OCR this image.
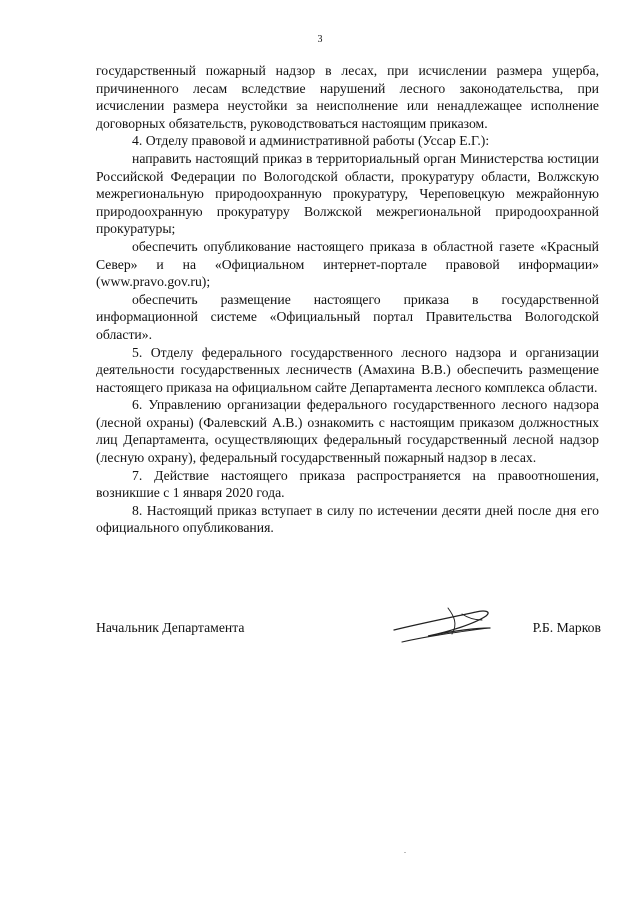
3

государственный пожарный надзор в лесах, при исчислении размера ущерба, причиненного лесам вследствие нарушений лесного законодательства, при исчислении размера неустойки за неисполнение или ненадлежащее исполнение договорных обязательств, руководствоваться настоящим приказом.

4. Отделу правовой и административной работы (Уссар Е.Г.):

направить настоящий приказ в территориальный орган Министерства юстиции Российской Федерации по Вологодской области, прокуратуру области, Волжскую межрегиональную природоохранную прокуратуру, Череповецкую межрайонную природоохранную прокуратуру Волжской межрегиональной природоохранной прокуратуры;

обеспечить опубликование настоящего приказа в областной газете «Красный Север» и на «Официальном интернет-портале правовой информации» (www.pravo.gov.ru);

обеспечить размещение настоящего приказа в государственной информационной системе «Официальный портал Правительства Вологодской области».

5. Отделу федерального государственного лесного надзора и организации деятельности государственных лесничеств (Амахина В.В.) обеспечить размещение настоящего приказа на официальном сайте Департамента лесного комплекса области.

6. Управлению организации федерального государственного лесного надзора (лесной охраны) (Фалевский А.В.) ознакомить с настоящим приказом должностных лиц Департамента, осуществляющих федеральный государственный лесной надзор (лесную охрану), федеральный государственный пожарный надзор в лесах.

7. Действие настоящего приказа распространяется на правоотношения, возникшие с 1 января 2020 года.

8. Настоящий приказ вступает в силу по истечении десяти дней после дня его официального опубликования.

Начальник Департамента	Р.Б. Марков
